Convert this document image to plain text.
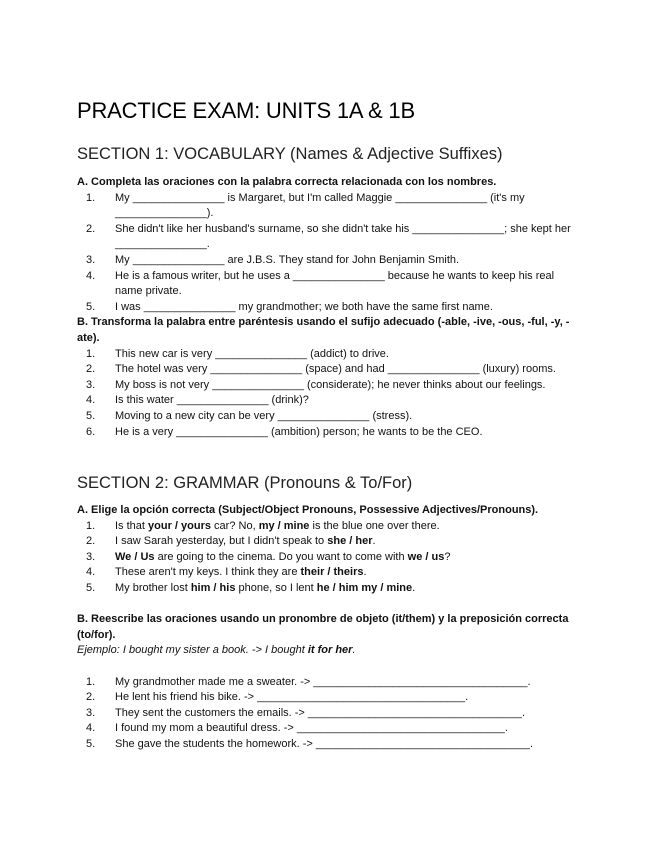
PRACTICE EXAM: UNITS 1A & 1B
SECTION 1: VOCABULARY (Names & Adjective Suffixes)

A. Completa las oraciones con la palabra correcta relacionada con los nombres.

1. My _______________ is Margaret, but I'm called Maggie _______________ (it's my _______________).
2. She didn't like her husband's surname, so she didn't take his _______________; she kept her _______________.
3. My _______________ are J.B.S. They stand for John Benjamin Smith.
4. He is a famous writer, but he uses a _______________ because he wants to keep his real name private.
5. I was _______________ my grandmother; we both have the same first name.

B. Transforma la palabra entre paréntesis usando el sufijo adecuado (-able, -ive, -ous, -ful, -y, -ate).

1. This new car is very _______________ (addict) to drive.
2. The hotel was very _______________ (space) and had _______________ (luxury) rooms.
3. My boss is not very _______________ (considerate); he never thinks about our feelings.
4. Is this water _______________ (drink)?
5. Moving to a new city can be very _______________ (stress).
6. He is a very _______________ (ambition) person; he wants to be the CEO.
SECTION 2: GRAMMAR (Pronouns & To/For)

A. Elige la opción correcta (Subject/Object Pronouns, Possessive Adjectives/Pronouns).

1. Is that your / yours car? No, my / mine is the blue one over there.
2. I saw Sarah yesterday, but I didn't speak to she / her.
3. We / Us are going to the cinema. Do you want to come with we / us?
4. These aren't my keys. I think they are their / theirs.
5. My brother lost him / his phone, so I lent he / him my / mine.

B. Reescribe las oraciones usando un pronombre de objeto (it/them) y la preposición correcta (to/for).

Ejemplo: I bought my sister a book. -> I bought it for her.

1. My grandmother made me a sweater. -> ___________________________________.
2. He lent his friend his bike. -> __________________________________.
3. They sent the customers the emails. -> ___________________________________.
4. I found my mom a beautiful dress. -> __________________________________.
5. She gave the students the homework. -> ___________________________________.
